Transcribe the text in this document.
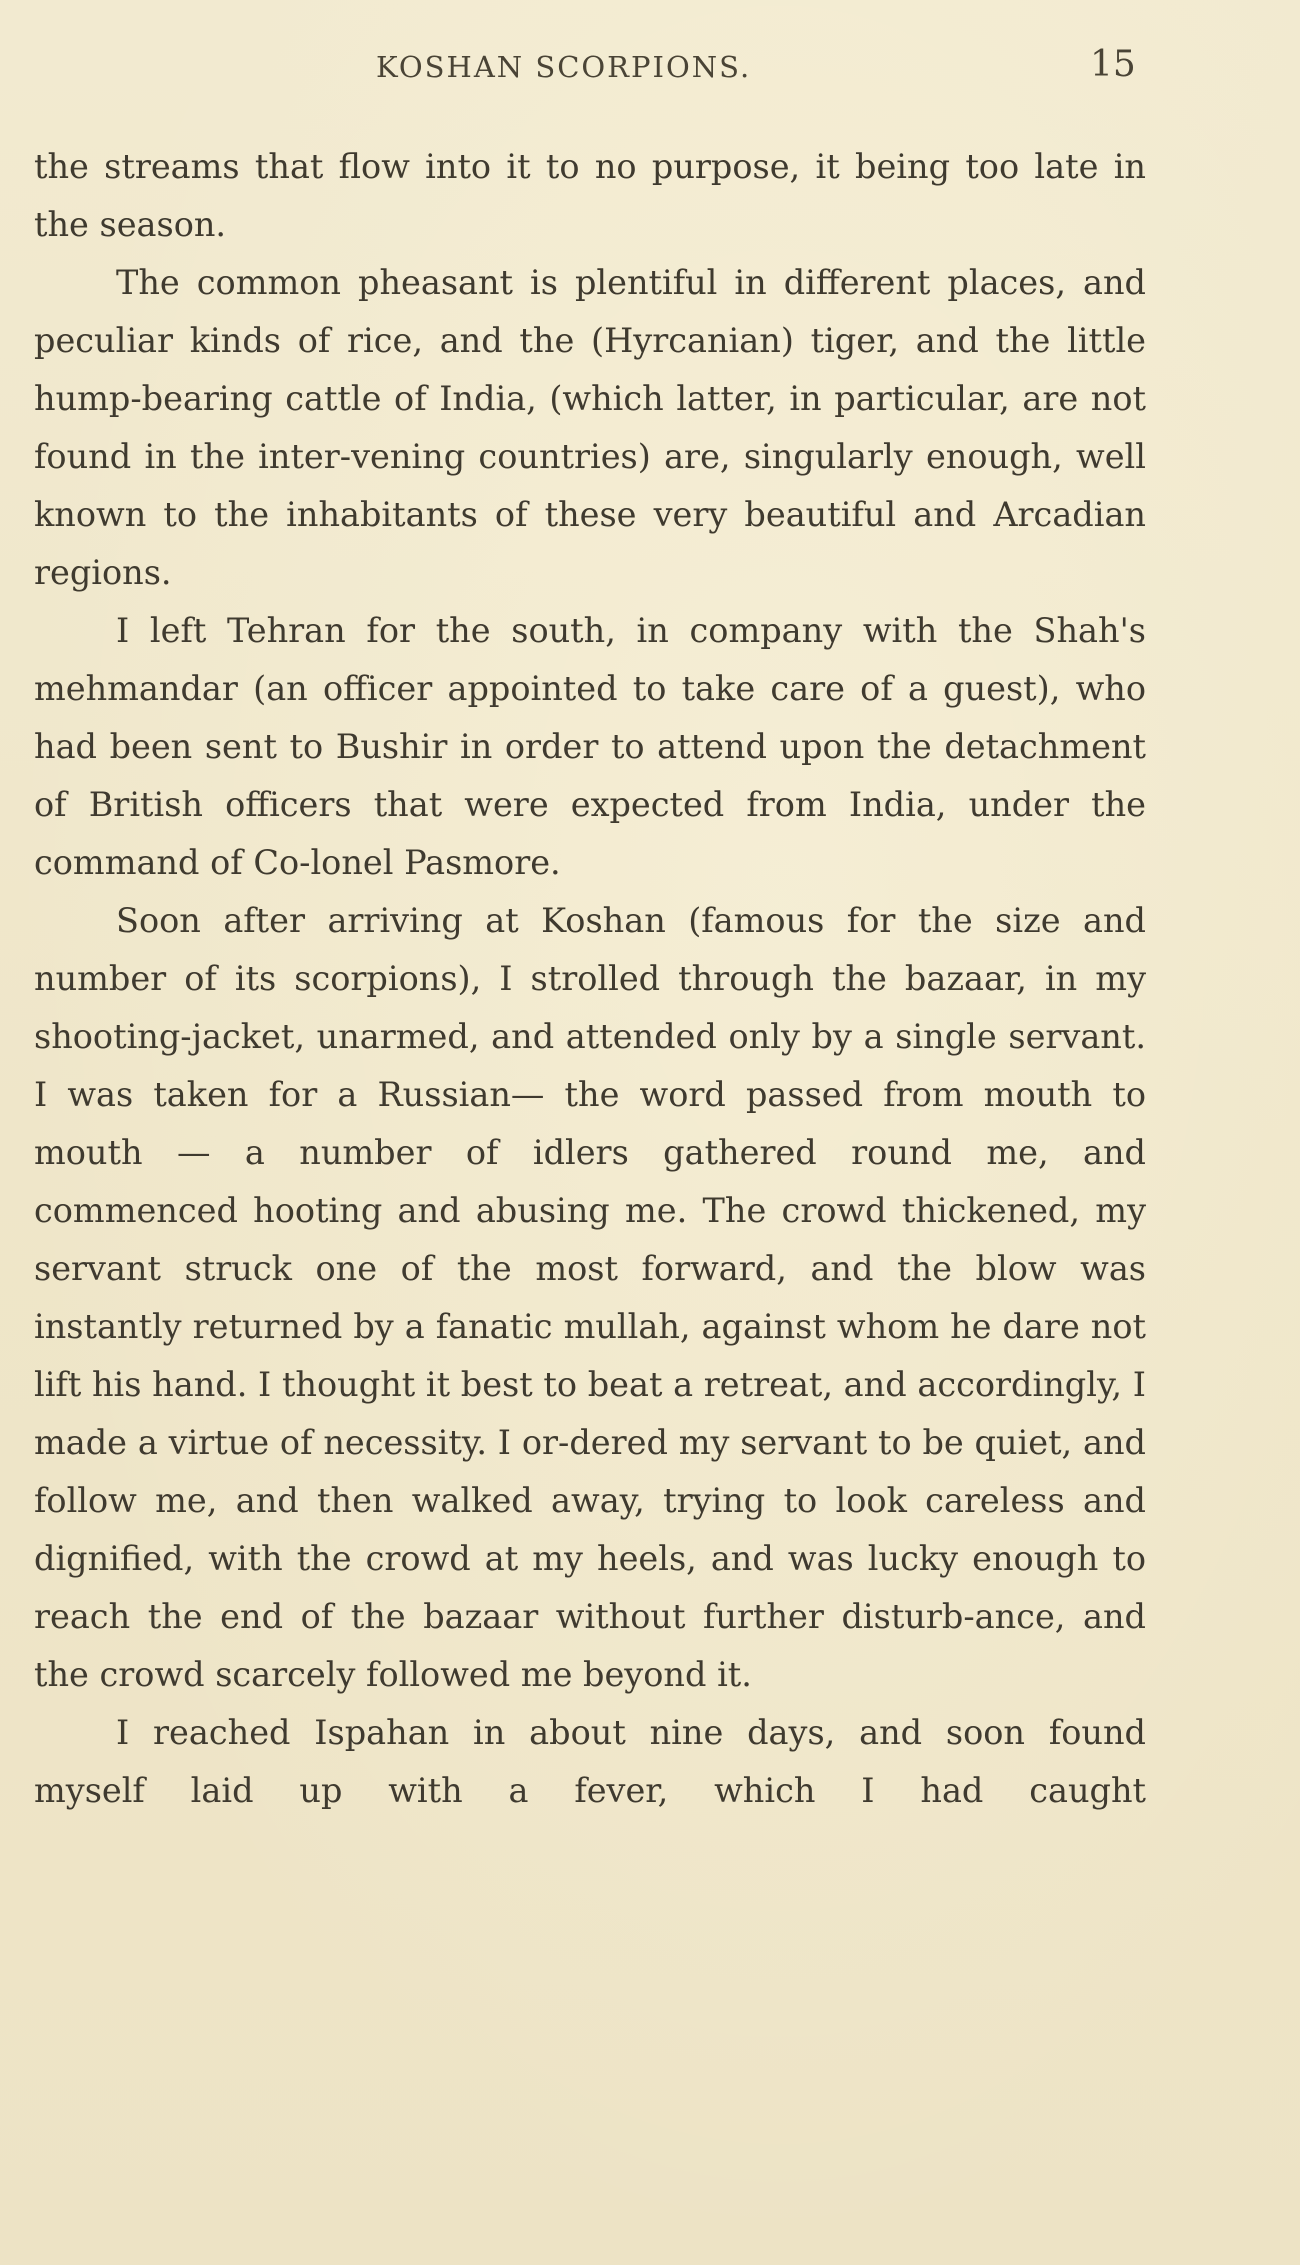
KOSHAN SCORPIONS.	15

the streams that flow into it to no purpose, it being too late in the season.

The common pheasant is plentiful in different places, and peculiar kinds of rice, and the (Hyrcanian) tiger, and the little hump-bearing cattle of India, (which latter, in particular, are not found in the inter-vening countries) are, singularly enough, well known to the inhabitants of these very beautiful and Arcadian regions.

I left Tehran for the south, in company with the Shah's mehmandar (an officer appointed to take care of a guest), who had been sent to Bushir in order to attend upon the detachment of British officers that were expected from India, under the command of Co-lonel Pasmore.

Soon after arriving at Koshan (famous for the size and number of its scorpions), I strolled through the bazaar, in my shooting-jacket, unarmed, and attended only by a single servant. I was taken for a Russian— the word passed from mouth to mouth — a number of idlers gathered round me, and commenced hooting and abusing me. The crowd thickened, my servant struck one of the most forward, and the blow was instantly returned by a fanatic mullah, against whom he dare not lift his hand. I thought it best to beat a retreat, and accordingly, I made a virtue of necessity. I or-dered my servant to be quiet, and follow me, and then walked away, trying to look careless and dignified, with the crowd at my heels, and was lucky enough to reach the end of the bazaar without further disturb-ance, and the crowd scarcely followed me beyond it.

I reached Ispahan in about nine days, and soon found myself laid up with a fever, which I had caught
